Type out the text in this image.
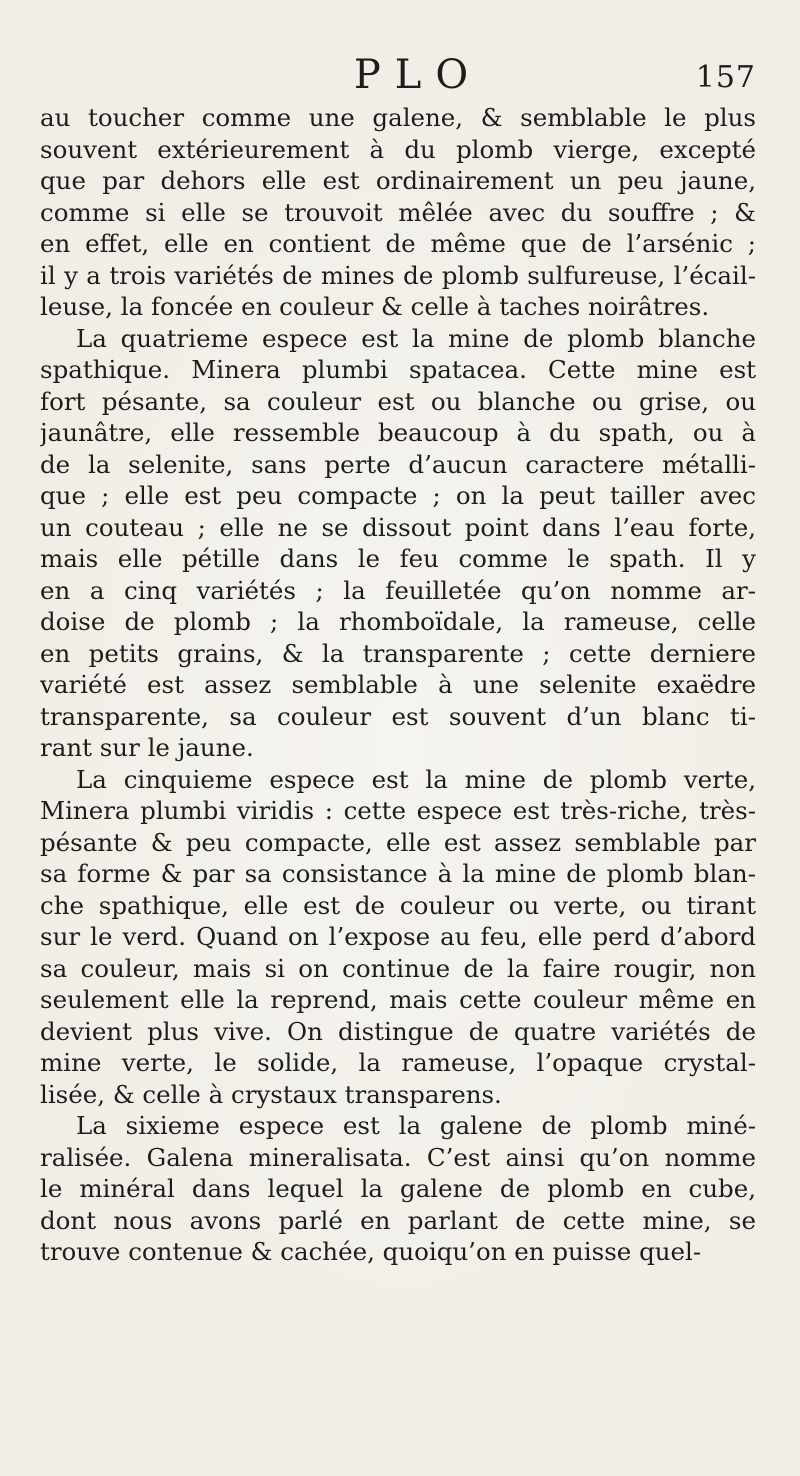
PLO	157
au toucher comme une galene, & semblable le plus
souvent extérieurement à du plomb vierge, excepté
que par dehors elle est ordinairement un peu jaune,
comme si elle se trouvoit mêlée avec du souffre ; &
en effet, elle en contient de même que de l’arsénic ;
il y a trois variétés de mines de plomb sulfureuse, l’écail-
leuse, la foncée en couleur & celle à taches noirâtres.
La quatrieme espece est la mine de plomb blanche
spathique. Minera plumbi spatacea. Cette mine est
fort pésante, sa couleur est ou blanche ou grise, ou
jaunâtre, elle ressemble beaucoup à du spath, ou à
de la selenite, sans perte d’aucun caractere métalli-
que ; elle est peu compacte ; on la peut tailler avec
un couteau ; elle ne se dissout point dans l’eau forte,
mais elle pétille dans le feu comme le spath. Il y
en a cinq variétés ; la feuilletée qu’on nomme ar-
doise de plomb ; la rhomboïdale, la rameuse, celle
en petits grains, & la transparente ; cette derniere
variété est assez semblable à une selenite exaëdre
transparente, sa couleur est souvent d’un blanc ti-
rant sur le jaune.
La cinquieme espece est la mine de plomb verte,
Minera plumbi viridis : cette espece est très-riche, très-
pésante & peu compacte, elle est assez semblable par
sa forme & par sa consistance à la mine de plomb blan-
che spathique, elle est de couleur ou verte, ou tirant
sur le verd. Quand on l’expose au feu, elle perd d’abord
sa couleur, mais si on continue de la faire rougir, non
seulement elle la reprend, mais cette couleur même en
devient plus vive. On distingue de quatre variétés de
mine verte, le solide, la rameuse, l’opaque crystal-
lisée, & celle à crystaux transparens.
La sixieme espece est la galene de plomb miné-
ralisée. Galena mineralisata. C’est ainsi qu’on nomme
le minéral dans lequel la galene de plomb en cube,
dont nous avons parlé en parlant de cette mine, se
trouve contenue & cachée, quoiqu’on en puisse quel-
